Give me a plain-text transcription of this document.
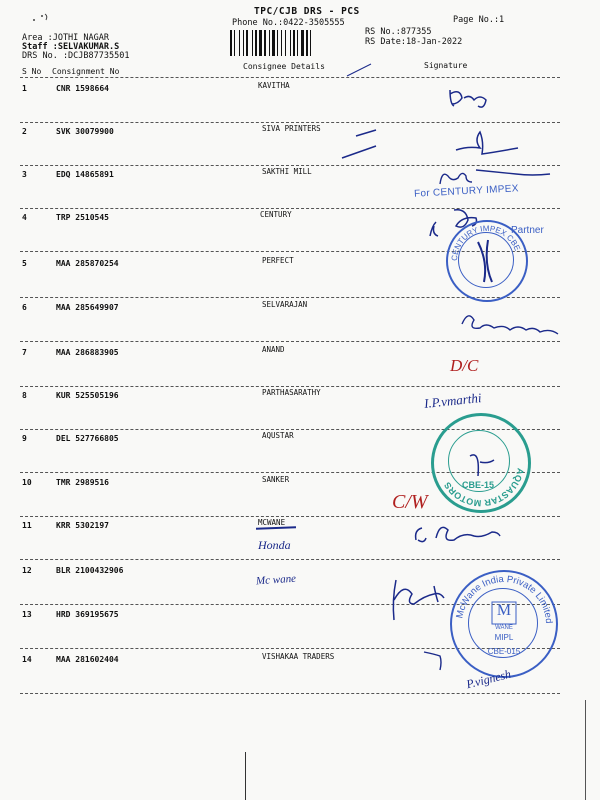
TPC/CJB DRS - PCS
Phone No.:0422-3505555
RS No.:877355
RS Date:18-Jan-2022
Page No.:1
Area :JOTHI NAGAR
Staff :SELVAKUMAR.S
DRS No. :DCJB87735501
S No Consignment No
Consignee Details	Signature
1	CNR 1598664	KAVITHA
2	SVK 30079900	SIVA PRINTERS
3	EDQ 14865891	SAKTHI MILL
4	TRP 2510545	CENTURY
5	MAA 285870254	PERFECT
6	MAA 285649907	SELVARAJAN
7	MAA 286883905	ANAND
8	KUR 525505196	PARTHASARATHY
9	DEL 527766805	AQUSTAR
10	TMR 2989516	SANKER
11	KRR 5302197	MCWANE
12	BLR 2100432906
13	HRD 369195675
14	MAA 281602404	VISHAKAA TRADERS
For CENTURY IMPEX
Partner
CENTURY IMPEX CBE
D/C
I.P.vmarthi
AQUASTAR MOTORS CBE-15
C/W
Honda
Mc wane
McWane India Private Limited
M
WANE
MIPL
CBE-015
P.vignesh
